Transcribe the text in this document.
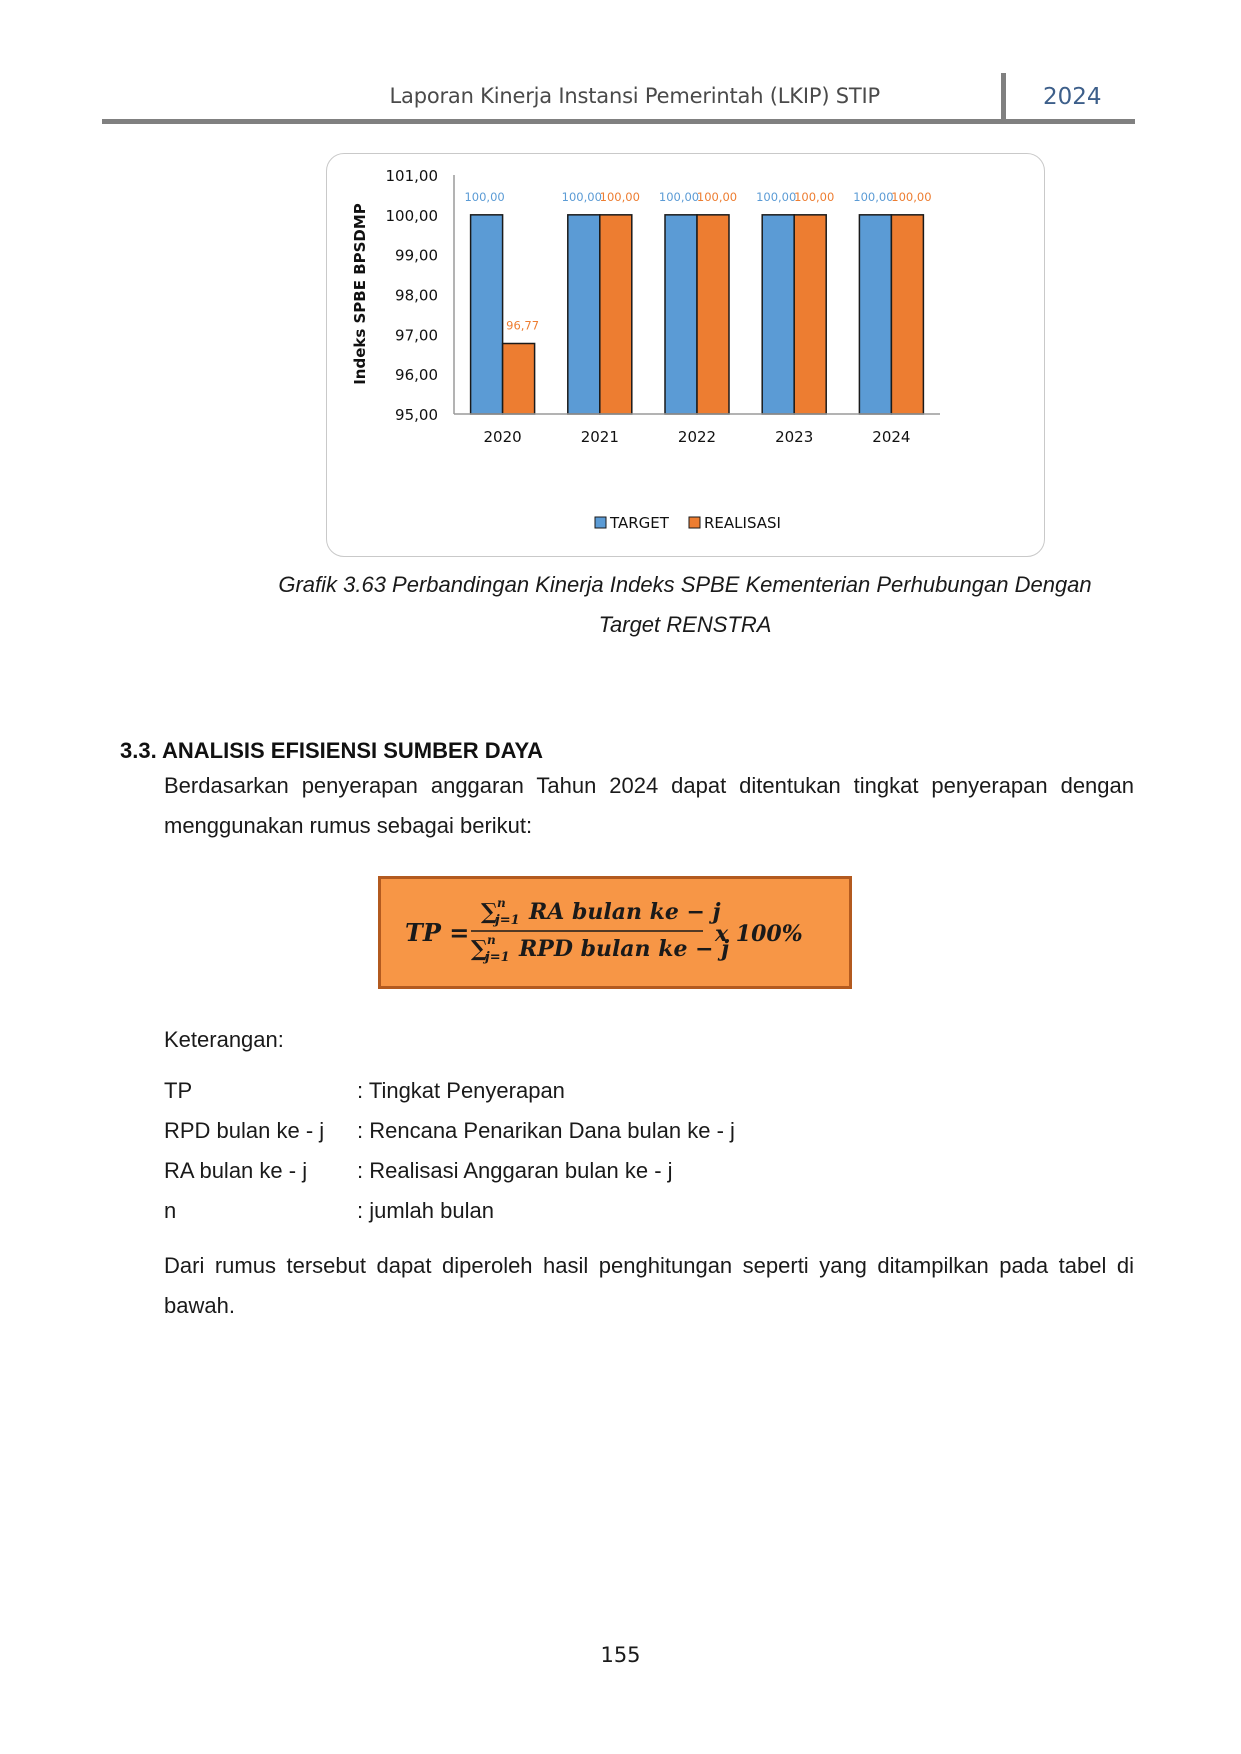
Laporan Kinerja Instansi Pemerintah (LKIP) STIP	2024
95,00
96,00
97,00
98,00
99,00
100,00
101,00
100,00
96,77
100,00
100,00 100,00
100,00 100,00
100,00 100,00
100,00
2020	2021	2022	2023	2024
Indeks SPBE BPSDMP
TARGET REALISASI
Grafik 3.63 Perbandingan Kinerja Indeks SPBE Kementerian Perhubungan Dengan
Target RENSTRA
3.3. ANALISIS EFISIENSI SUMBER DAYA
Berdasarkan penyerapan anggaran Tahun 2024 dapat ditentukan tingkat penyerapan dengan
menggunakan rumus sebagai berikut:
TP =
∑ n
j=1 RA bulan ke − j
∑ n
j=1 RPD bulan ke − j
x 100%
Keterangan:
TP	: Tingkat Penyerapan
RPD bulan ke - j : Rencana Penarikan Dana bulan ke - j
RA bulan ke - j : Realisasi Anggaran bulan ke - j
n	: jumlah bulan
Dari rumus tersebut dapat diperoleh hasil penghitungan seperti yang ditampilkan pada tabel di
bawah.
155
